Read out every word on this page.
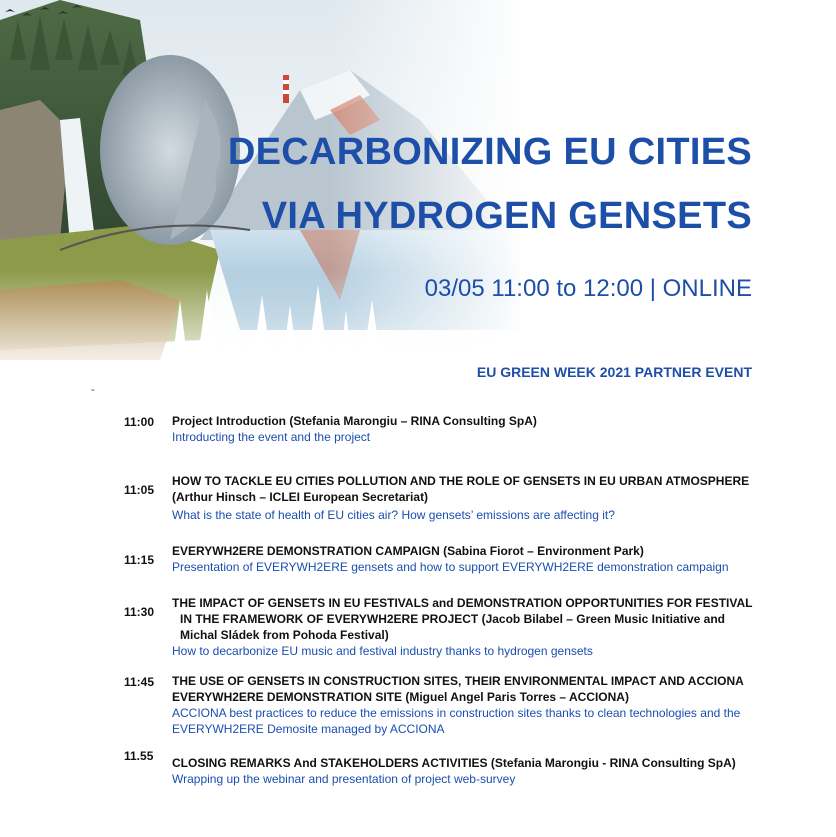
DECARBONIZING EU CITIES
VIA HYDROGEN GENSETS
03/05 11:00 to 12:00 | ONLINE
EU GREEN WEEK 2021 PARTNER EVENT
-
11:00	Project Introduction (Stefania Marongiu – RINA Consulting SpA)
Introducting the event and the project
11:05
HOW TO TACKLE EU CITIES POLLUTION AND THE ROLE OF GENSETS IN EU URBAN ATMOSPHERE
(Arthur Hinsch – ICLEI European Secretariat)
What is the state of health of EU cities air? How gensets’ emissions are affecting it?
11:15
EVERYWH2ERE DEMONSTRATION CAMPAIGN (Sabina Fiorot – Environment Park)
Presentation of EVERYWH2ERE gensets and how to support EVERYWH2ERE demonstration campaign
11:30
THE IMPACT OF GENSETS IN EU FESTIVALS and DEMONSTRATION OPPORTUNITIES FOR FESTIVAL
IN THE FRAMEWORK OF EVERYWH2ERE PROJECT (Jacob Bilabel – Green Music Initiative and
Michal Sládek from Pohoda Festival)
How to decarbonize EU music and festival industry thanks to hydrogen gensets
11:45	THE USE OF GENSETS IN CONSTRUCTION SITES, THEIR ENVIRONMENTAL IMPACT AND ACCIONA
EVERYWH2ERE DEMONSTRATION SITE (Miguel Angel Paris Torres – ACCIONA)
ACCIONA best practices to reduce the emissions in construction sites thanks to clean technologies and the
EVERYWH2ERE Demosite managed by ACCIONA
11.55	CLOSING REMARKS And STAKEHOLDERS ACTIVITIES (Stefania Marongiu - RINA Consulting SpA)
Wrapping up the webinar and presentation of project web-survey
